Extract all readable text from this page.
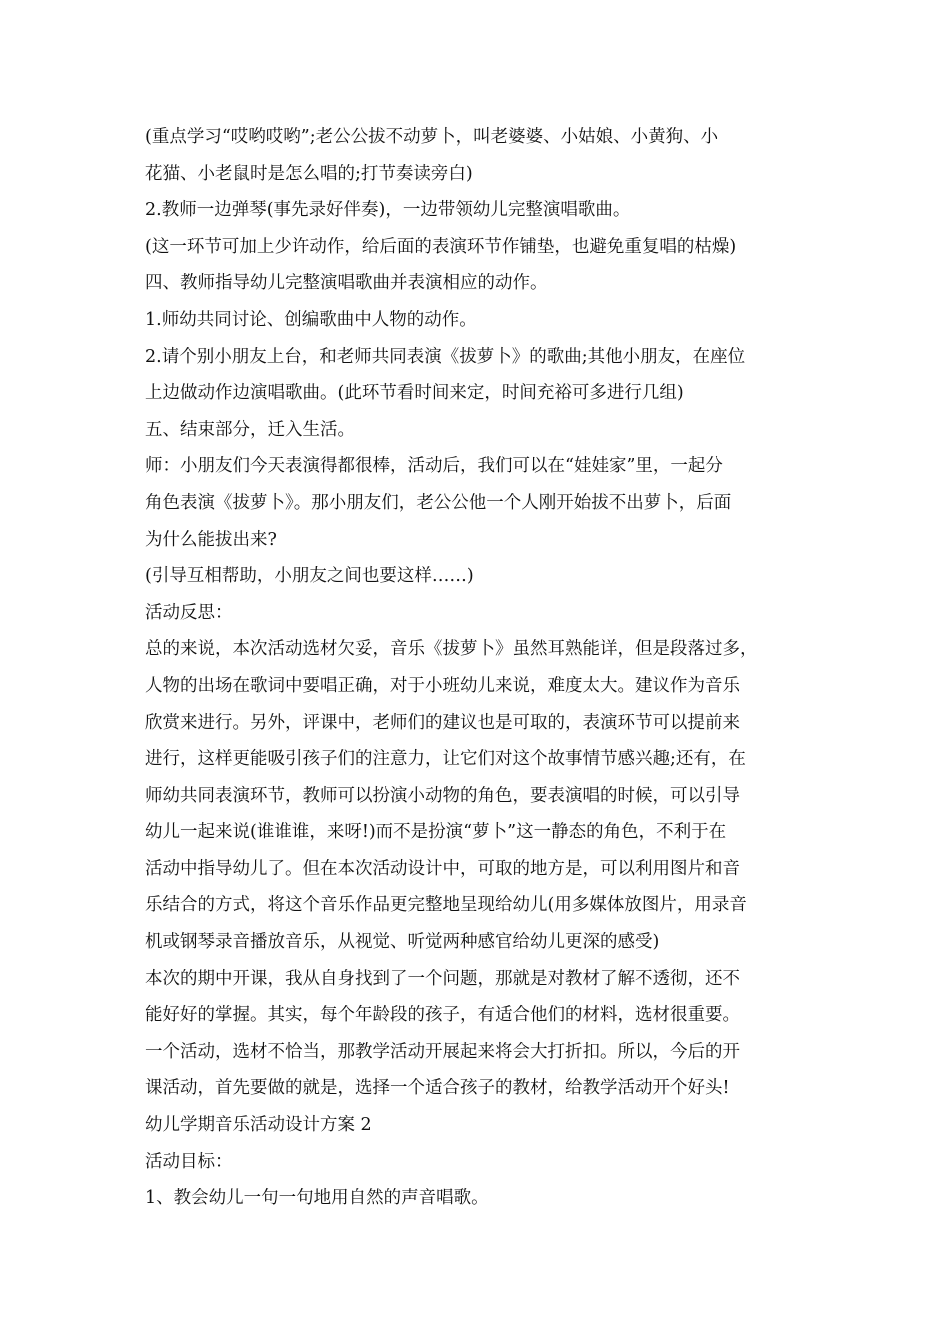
(重点学习“哎哟哎哟”;老公公拔不动萝卜，叫老婆婆、小姑娘、小黄狗、小
花猫、小老鼠时是怎么唱的;打节奏读旁白)
2.教师一边弹琴(事先录好伴奏)，一边带领幼儿完整演唱歌曲。
(这一环节可加上少许动作，给后面的表演环节作铺垫，也避免重复唱的枯燥)
四、教师指导幼儿完整演唱歌曲并表演相应的动作。
1.师幼共同讨论、创编歌曲中人物的动作。
2.请个别小朋友上台，和老师共同表演《拔萝卜》的歌曲;其他小朋友，在座位
上边做动作边演唱歌曲。(此环节看时间来定，时间充裕可多进行几组)
五、结束部分，迁入生活。
师：小朋友们今天表演得都很棒，活动后，我们可以在“娃娃家”里，一起分
角色表演《拔萝卜》。那小朋友们，老公公他一个人刚开始拔不出萝卜，后面
为什么能拔出来?
(引导互相帮助，小朋友之间也要这样……)
活动反思：
总的来说，本次活动选材欠妥，音乐《拔萝卜》虽然耳熟能详，但是段落过多，
人物的出场在歌词中要唱正确，对于小班幼儿来说，难度太大。建议作为音乐
欣赏来进行。另外，评课中，老师们的建议也是可取的，表演环节可以提前来
进行，这样更能吸引孩子们的注意力，让它们对这个故事情节感兴趣;还有，在
师幼共同表演环节，教师可以扮演小动物的角色，要表演唱的时候，可以引导
幼儿一起来说(谁谁谁，来呀!)而不是扮演“萝卜”这一静态的角色，不利于在
活动中指导幼儿了。但在本次活动设计中，可取的地方是，可以利用图片和音
乐结合的方式，将这个音乐作品更完整地呈现给幼儿(用多媒体放图片，用录音
机或钢琴录音播放音乐，从视觉、听觉两种感官给幼儿更深的感受)
本次的期中开课，我从自身找到了一个问题，那就是对教材了解不透彻，还不
能好好的掌握。其实，每个年龄段的孩子，有适合他们的材料，选材很重要。
一个活动，选材不恰当，那教学活动开展起来将会大打折扣。所以，今后的开
课活动，首先要做的就是，选择一个适合孩子的教材，给教学活动开个好头!
幼儿学期音乐活动设计方案 2
活动目标：
1、教会幼儿一句一句地用自然的声音唱歌。
